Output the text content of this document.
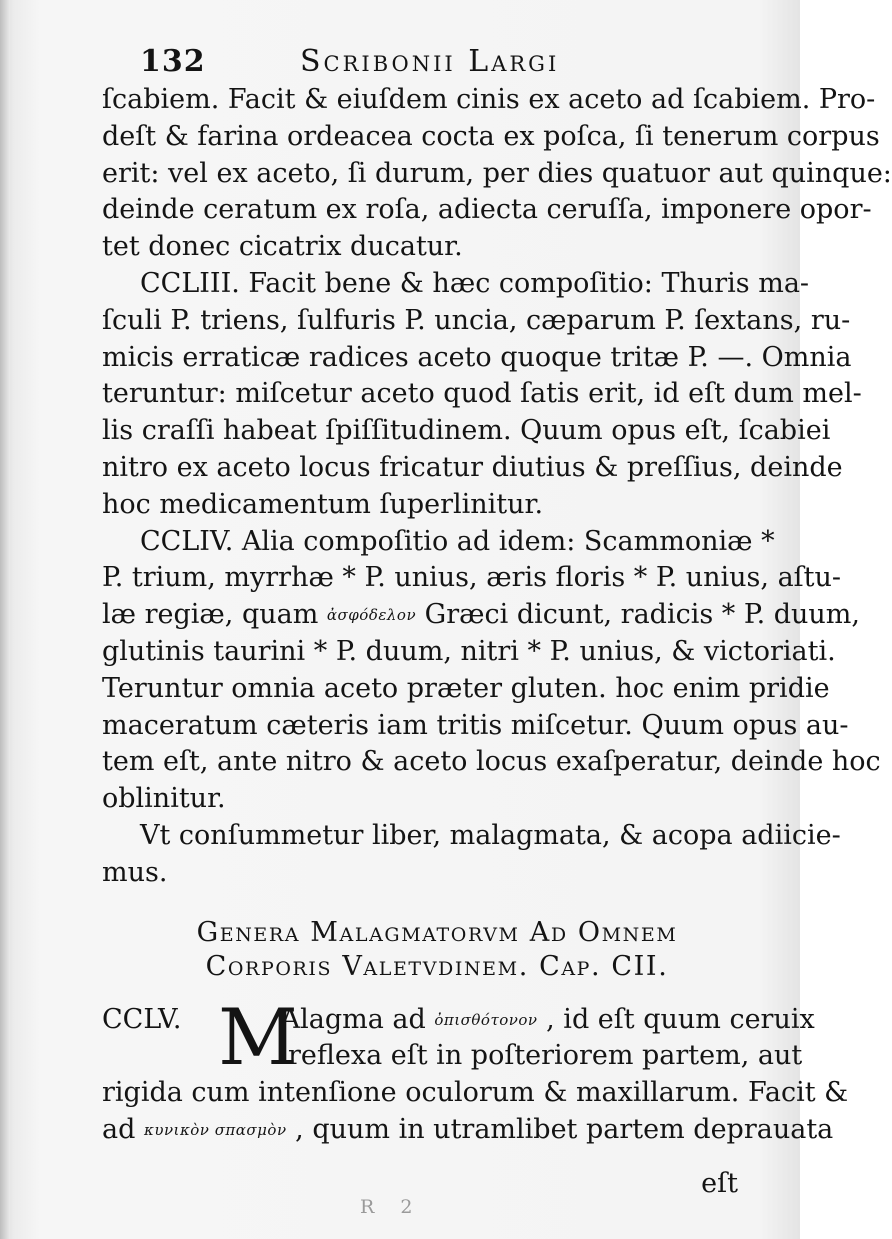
132	Scribonii Largi
ſcabiem. Facit & eiuſdem cinis ex aceto ad ſcabiem. Pro-
deſt & farina ordeacea cocta ex poſca, ſi tenerum corpus
erit: vel ex aceto, ſi durum, per dies quatuor aut quinque:
deinde ceratum ex roſa, adiecta ceruſſa, imponere opor-
tet donec cicatrix ducatur.
CCLIII. Facit bene & hæc compoſitio: Thuris ma-
ſculi P. triens, ſulfuris P. uncia, cæparum P. ſextans, ru-
micis erraticæ radices aceto quoque tritæ P. —. Omnia
teruntur: miſcetur aceto quod ſatis erit, id eſt dum mel-
lis craſſi habeat ſpiſſitudinem. Quum opus eſt, ſcabiei
nitro ex aceto locus fricatur diutius & preſſius, deinde
hoc medicamentum ſuperlinitur.
CCLIV. Alia compoſitio ad idem: Scammoniæ *
P. trium, myrrhæ * P. unius, æris floris * P. unius, aſtu-
læ regiæ, quam ἀσφόδελον Græci dicunt, radicis * P. duum,
glutinis taurini * P. duum, nitri * P. unius, & victoriati.
Teruntur omnia aceto præter gluten. hoc enim pridie
maceratum cæteris iam tritis miſcetur. Quum opus au-
tem eſt, ante nitro & aceto locus exaſperatur, deinde hoc
oblinitur.
Vt conſummetur liber, malagmata, & acopa adiicie-
mus.
Genera Malagmatorvm Ad Omnem
Corporis Valetvdinem. Cap. CII.
M
CCLV.	Alagma ad ὀπισθότονον , id eſt quum ceruix
reflexa eſt in poſteriorem partem, aut
rigida cum intenſione oculorum & maxillarum. Facit &
ad κυνικὸν σπασμὸν , quum in utramlibet partem deprauata
R 2
eſt
